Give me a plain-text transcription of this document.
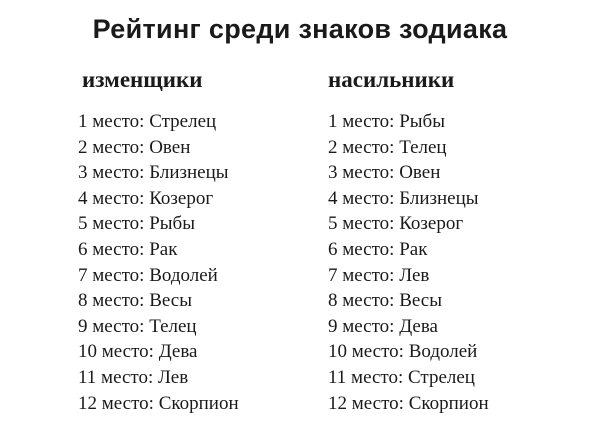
Рейтинг среди знаков зодиака
изменщики
1 место: Стрелец
2 место: Овен
3 место: Близнецы
4 место: Козерог
5 место: Рыбы
6 место: Рак
7 место: Водолей
8 место: Весы
9 место: Телец
10 место: Дева
11 место: Лев
12 место: Скорпион
насильники
1 место: Рыбы
2 место: Телец
3 место: Овен
4 место: Близнецы
5 место: Козерог
6 место: Рак
7 место: Лев
8 место: Весы
9 место: Дева
10 место: Водолей
11 место: Стрелец
12 место: Скорпион
